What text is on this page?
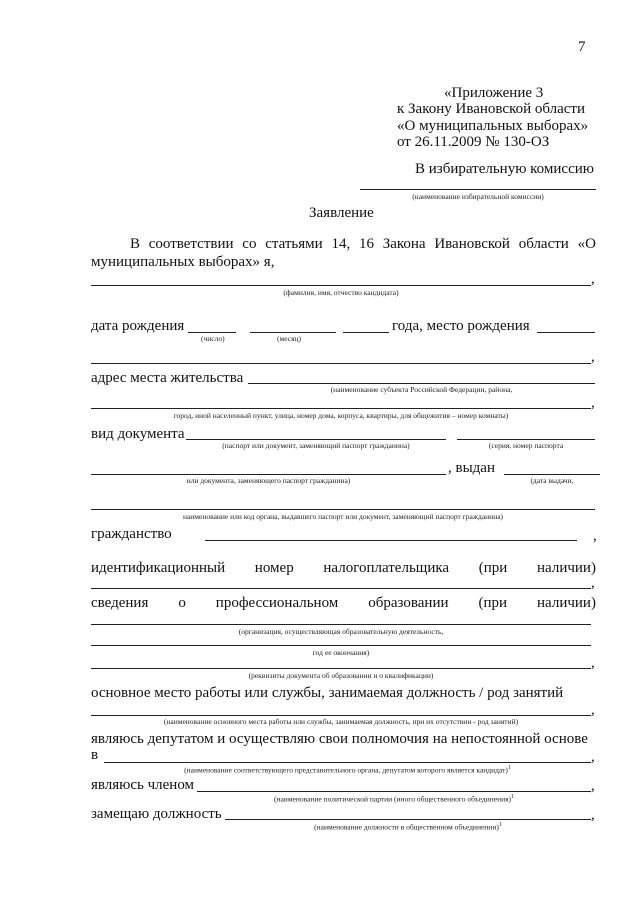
7
«Приложение 3
к Закону Ивановской области
«О муниципальных выборах»
от 26.11.2009 № 130-ОЗ
В избирательную комиссию
(наименование избирательной комиссии)
Заявление
В соответствии со статьями 14, 16 Закона Ивановской области «О
муниципальных выборах» я,
,
(фамилия, имя, отчество кандидата)
дата рождения	года, место рождения
(число)	(месяц)
,
адрес места жительства
(наименование субъекта Российской Федерации, района,
,
город, иной населенный пункт, улица, номер дома, корпуса, квартиры, для общежития – номер комнаты)
вид документа
(паспорт или документ, заменяющий паспорт гражданина)	(серия, номер паспорта
, выдан
или документа, заменяющего паспорт гражданина)	(дата выдачи,
наименование или код органа, выдавшего паспорт или документ, заменяющий паспорт гражданина)
гражданство	,
идентификационный номер налогоплательщика (при наличии)
,
сведения о профессиональном образовании (при наличии)
(организация, осуществляющая образовательную деятельность,
год ее окончания)
,
(реквизиты документа об образовании и о квалификации)
основное место работы или службы, занимаемая должность / род занятий
,
(наименование основного места работы или службы, занимаемая должность, при их отсутствии - род занятий)
являюсь депутатом и осуществляю свои полномочия на непостоянной основе
в	,
(наименование соответствующего представительного органа, депутатом которого является кандидат)$^1$
являюсь членом	,
(наименование политической партии (иного общественного объединения)$^1$
замещаю должность	,
(наименование должности в общественном объединении)$^1$
